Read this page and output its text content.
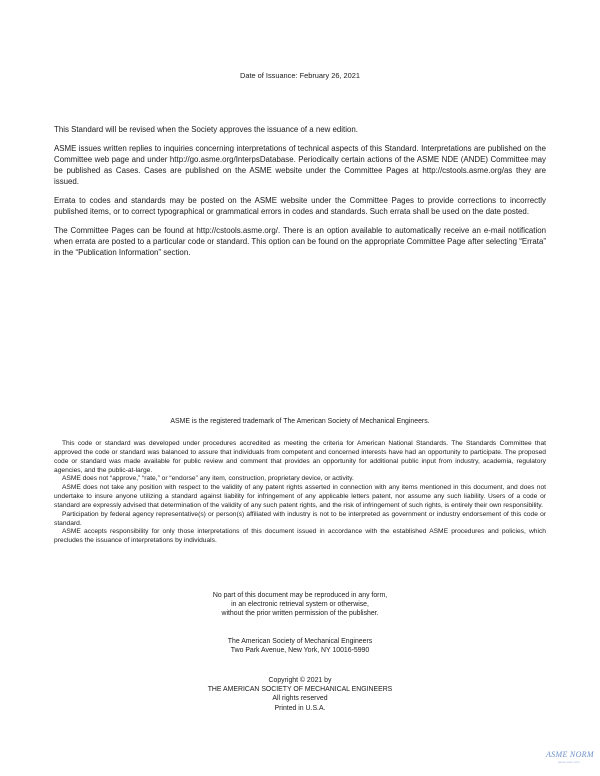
Date of Issuance: February 26, 2021

This Standard will be revised when the Society approves the issuance of a new edition.

ASME issues written replies to inquiries concerning interpretations of technical aspects of this Standard. Interpretations are published on the Committee web page and under http://go.asme.org/InterpsDatabase. Periodically certain actions of the ASME NDE (ANDE) Committee may be published as Cases. Cases are published on the ASME website under the Committee Pages at http://cstools.asme.org/as they are issued.

Errata to codes and standards may be posted on the ASME website under the Committee Pages to provide corrections to incorrectly published items, or to correct typographical or grammatical errors in codes and standards. Such errata shall be used on the date posted.

The Committee Pages can be found at http://cstools.asme.org/. There is an option available to automatically receive an e-mail notification when errata are posted to a particular code or standard. This option can be found on the appropriate Committee Page after selecting “Errata” in the “Publication Information” section.

ASME is the registered trademark of The American Society of Mechanical Engineers.

This code or standard was developed under procedures accredited as meeting the criteria for American National Standards. The Standards Committee that approved the code or standard was balanced to assure that individuals from competent and concerned interests have had an opportunity to participate. The proposed code or standard was made available for public review and comment that provides an opportunity for additional public input from industry, academia, regulatory agencies, and the public-at-large.

ASME does not “approve,” “rate,” or “endorse” any item, construction, proprietary device, or activity.

ASME does not take any position with respect to the validity of any patent rights asserted in connection with any items mentioned in this document, and does not undertake to insure anyone utilizing a standard against liability for infringement of any applicable letters patent, nor assume any such liability. Users of a code or standard are expressly advised that determination of the validity of any such patent rights, and the risk of infringement of such rights, is entirely their own responsibility.

Participation by federal agency representative(s) or person(s) affiliated with industry is not to be interpreted as government or industry endorsement of this code or standard.

ASME accepts responsibility for only those interpretations of this document issued in accordance with the established ASME procedures and policies, which precludes the issuance of interpretations by individuals.

No part of this document may be reproduced in any form,
in an electronic retrieval system or otherwise,
without the prior written permission of the publisher.
The American Society of Mechanical Engineers
Two Park Avenue, New York, NY 10016-5990
Copyright © 2021 by
THE AMERICAN SOCIETY OF MECHANICAL ENGINEERS
All rights reserved
Printed in U.S.A.
ASME NORM
asme-norm.com
